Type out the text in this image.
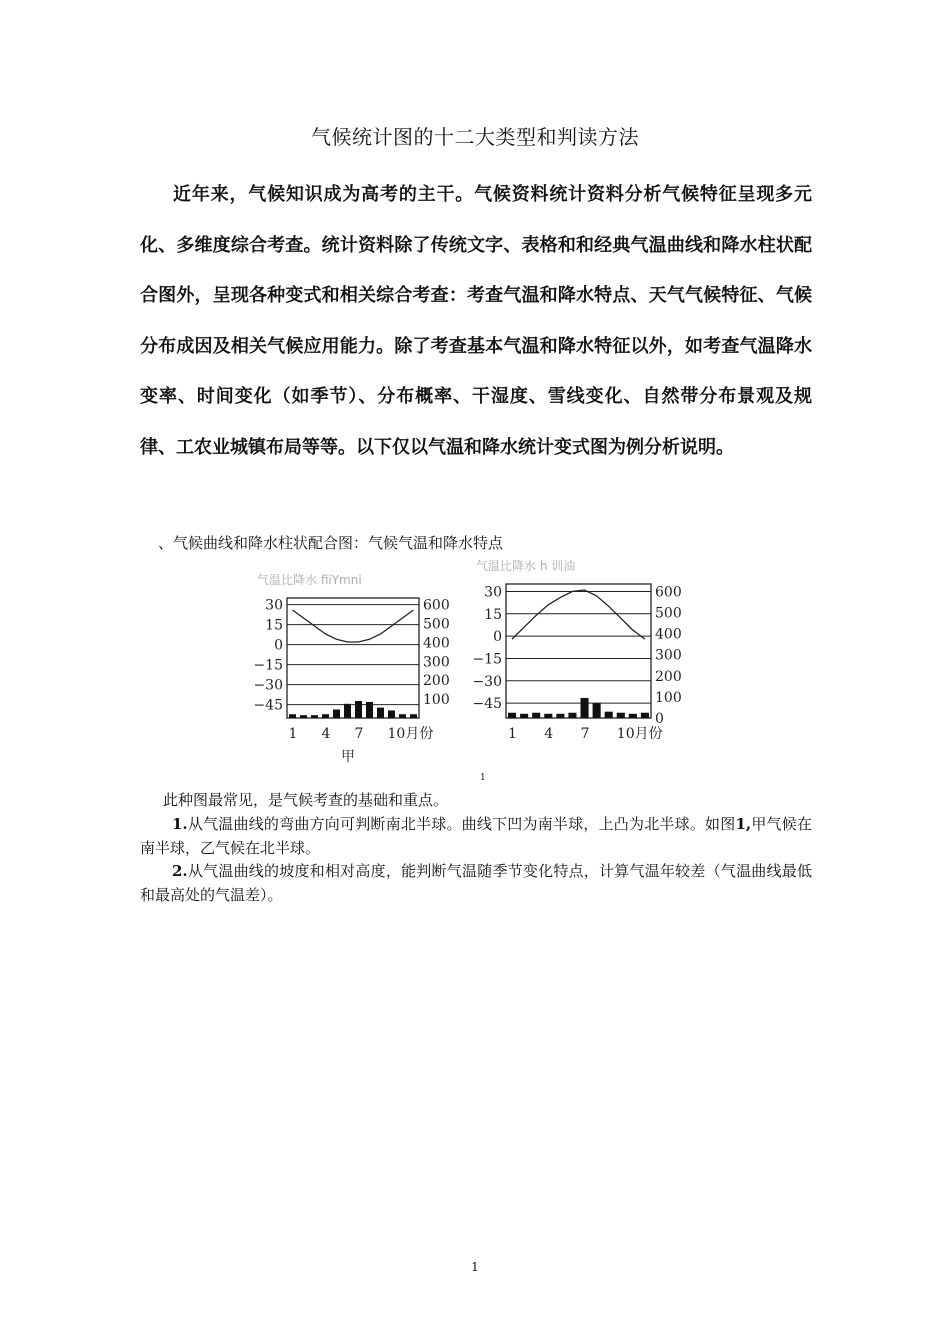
气候统计图的十二大类型和判读方法
近年来，气候知识成为高考的主干。气候资料统计资料分析气候特征呈现多元化、多维度综合考查。统计资料除了传统文字、表格和和经典气温曲线和降水柱状配合图外，呈现各种变式和相关综合考查：考查气温和降水特点、天气气候特征、气候分布成因及相关气候应用能力。除了考查基本气温和降水特征以外，如考查气温降水变率、时间变化（如季节）、分布概率、干湿度、雪线变化、自然带分布景观及规律、工农业城镇布局等等。以下仅以气温和降水统计变式图为例分析说明。
、气候曲线和降水柱状配合图：气候气温和降水特点
气温比降水 fiiYmni
30
15
0
−15
−30
−45
600
500
400
300
200
100
1 4 7 10月份
甲
气温比降水 h 训油
30
15
0
−15
−30
−45
600
500
400
300
200
100
0
1 4 7 10月份
1
此种图最常见，是气候考查的基础和重点。
1.从气温曲线的弯曲方向可判断南北半球。曲线下凹为南半球，上凸为北半球。如图1,甲气候在南半球，乙气候在北半球。
2.从气温曲线的坡度和相对高度，能判断气温随季节变化特点，计算气温年较差（气温曲线最低和最高处的气温差）。
1
